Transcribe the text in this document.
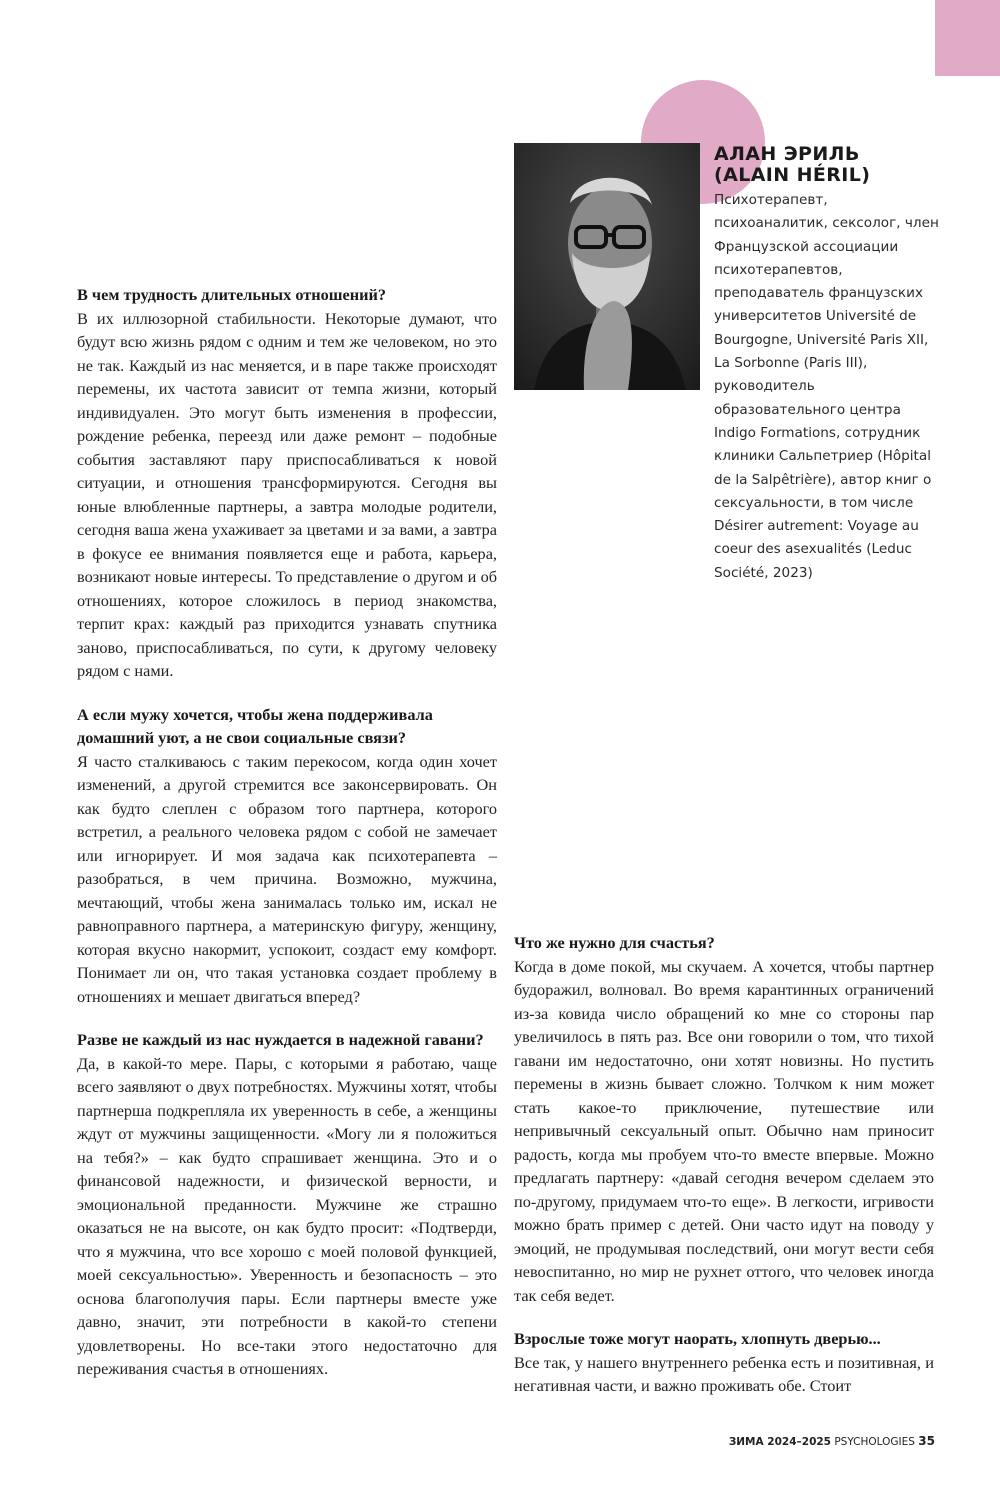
АЛАН ЭРИЛЬ
(ALAIN HÉRIL)

Психотерапевт, психоаналитик, сексолог, член Французской ассоциации психотерапевтов, преподаватель французских университетов Université de Bourgogne, Université Paris XII, La Sorbonne (Paris III), руководитель образовательного центра Indigo Formations, сотрудник клиники Сальпетриер (Hôpital de la Salpêtrière), автор книг о сексуальности, в том числе Désirer autrement: Voyage au coeur des asexualités (Leduc Société, 2023)

В чем трудность длительных отношений?

В их иллюзорной стабильности. Некоторые думают, что будут всю жизнь рядом с одним и тем же человеком, но это не так. Каждый из нас меняется, и в паре также происходят перемены, их частота зависит от темпа жизни, который индивидуален. Это могут быть изменения в профессии, рождение ребенка, переезд или даже ремонт – подобные события заставляют пару приспосабливаться к новой ситуации, и отношения трансформируются. Сегодня вы юные влюбленные партнеры, а завтра молодые родители, сегодня ваша жена ухаживает за цветами и за вами, а завтра в фокусе ее внимания появляется еще и работа, карьера, возникают новые интересы. То представление о другом и об отношениях, которое сложилось в период знакомства, терпит крах: каждый раз приходится узнавать спутника заново, приспосабливаться, по сути, к другому человеку рядом с нами.

А если мужу хочется, чтобы жена поддерживала домашний уют, а не свои социальные связи?

Я часто сталкиваюсь с таким перекосом, когда один хочет изменений, а другой стремится все законсервировать. Он как будто слеплен с образом того партнера, которого встретил, а реального человека рядом с собой не замечает или игнорирует. И моя задача как психотерапевта – разобраться, в чем причина. Возможно, мужчина, мечтающий, чтобы жена занималась только им, искал не равноправного партнера, а материнскую фигуру, женщину, которая вкусно накормит, успокоит, создаст ему комфорт. Понимает ли он, что такая установка создает проблему в отношениях и мешает двигаться вперед?

Разве не каждый из нас нуждается в надежной гавани?

Да, в какой-то мере. Пары, с которыми я работаю, чаще всего заявляют о двух потребностях. Мужчины хотят, чтобы партнерша подкрепляла их уверенность в себе, а женщины ждут от мужчины защищенности. «Могу ли я положиться на тебя?» – как будто спрашивает женщина. Это и о финансовой надежности, и физической верности, и эмоциональной преданности. Мужчине же страшно оказаться не на высоте, он как будто просит: «Подтверди, что я мужчина, что все хорошо с моей половой функцией, моей сексуальностью». Уверенность и безопасность – это основа благополучия пары. Если партнеры вместе уже давно, значит, эти потребности в какой-то степени удовлетворены. Но все-таки этого недостаточно для переживания счастья в отношениях.

Что же нужно для счастья?

Когда в доме покой, мы скучаем. А хочется, чтобы партнер будоражил, волновал. Во время карантинных ограничений из-за ковида число обращений ко мне со стороны пар увеличилось в пять раз. Все они говорили о том, что тихой гавани им недостаточно, они хотят новизны. Но пустить перемены в жизнь бывает сложно. Толчком к ним может стать какое-то приключение, путешествие или непривычный сексуальный опыт. Обычно нам приносит радость, когда мы пробуем что-то вместе впервые. Можно предлагать партнеру: «давай сегодня вечером сделаем это по-другому, придумаем что-то еще». В легкости, игривости можно брать пример с детей. Они часто идут на поводу у эмоций, не продумывая последствий, они могут вести себя невоспитанно, но мир не рухнет оттого, что человек иногда так себя ведет.

Взрослые тоже могут наорать, хлопнуть дверью...

Все так, у нашего внутреннего ребенка есть и позитивная, и негативная части, и важно проживать обе. Стоит

ЗИМА 2024–2025 PSYCHOLOGIES 35
